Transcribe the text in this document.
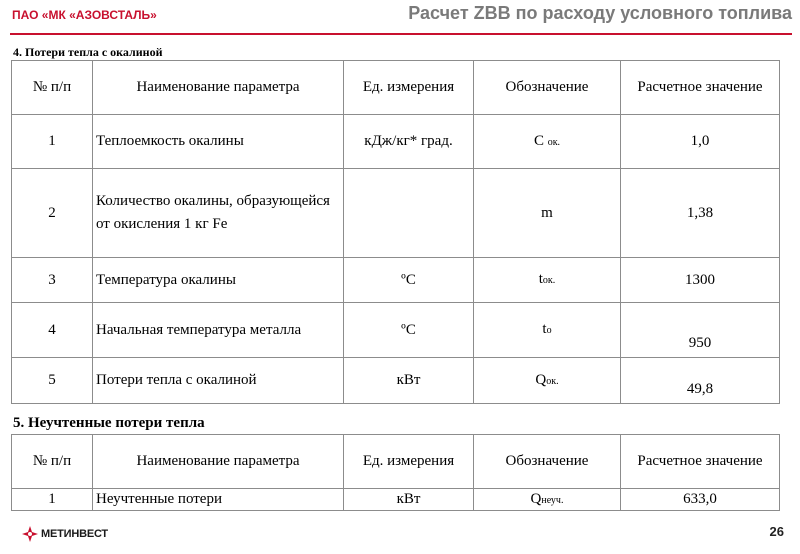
ПАО «МК «АЗОВСТАЛЬ»	Расчет ZBB по расходу условного топлива
4. Потери тепла с окалиной
№ п/п	Наименование параметра	Ед. измерения	Обозначение	Расчетное значение
1	Теплоемкость окалины	кДж/кг* град.	С ок.	1,0
2	Количество окалины, образующейся от окисления 1 кг Fe		m	1,38
3	Температура окалины	ºС	tок.	1300
4	Начальная температура металла	ºС	tо	950
5	Потери тепла с окалиной	кВт	Qок.	49,8
5. Неучтенные потери тепла
№ п/п	Наименование параметра	Ед. измерения	Обозначение	Расчетное значение
1	Неучтенные потери	кВт	Qнеуч.	633,0
МЕТИНВЕСТ	26
